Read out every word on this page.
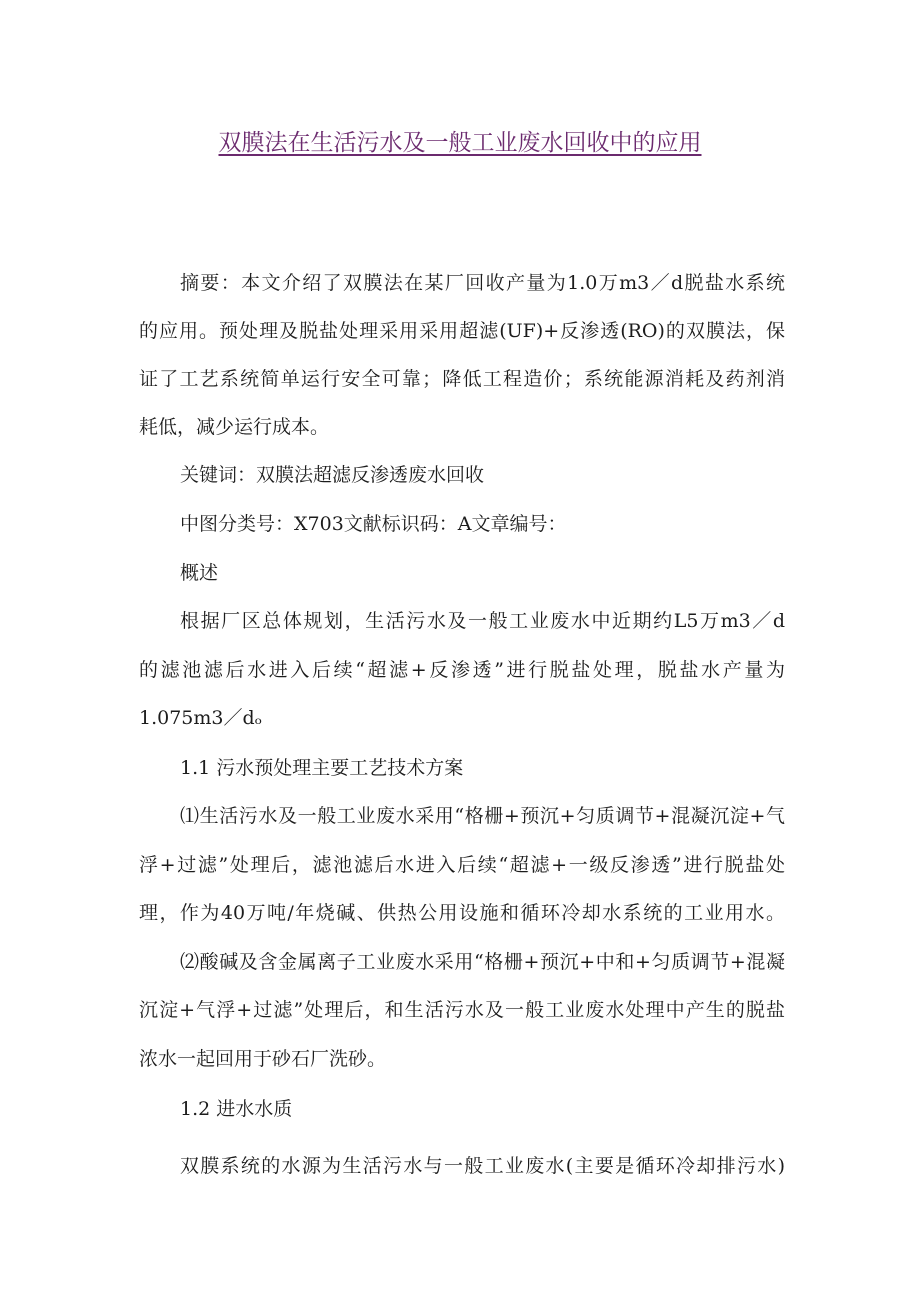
双膜法在生活污水及一般工业废水回收中的应用
摘要：本文介绍了双膜法在某厂回收产量为1.0万m3／d脱盐水系统
的应用。预处理及脱盐处理采用采用超滤(UF)+反渗透(RO)的双膜法，保
证了工艺系统简单运行安全可靠；降低工程造价；系统能源消耗及药剂消
耗低，减少运行成本。
关键词：双膜法超滤反渗透废水回收
中图分类号：X703文献标识码：A文章编号：
概述
根据厂区总体规划，生活污水及一般工业废水中近期约L5万m3／d
的滤池滤后水进入后续“超滤+反渗透”进行脱盐处理，脱盐水产量为
1.075m3／dₒ
1.1 污水预处理主要工艺技术方案
⑴生活污水及一般工业废水采用“格栅+预沉+匀质调节+混凝沉淀+气
浮+过滤”处理后，滤池滤后水进入后续“超滤+一级反渗透”进行脱盐处
理，作为40万吨/年烧碱、供热公用设施和循环冷却水系统的工业用水。
⑵酸碱及含金属离子工业废水采用“格栅+预沉+中和+匀质调节+混凝
沉淀+气浮+过滤”处理后，和生活污水及一般工业废水处理中产生的脱盐
浓水一起回用于砂石厂洗砂。
1.2 进水水质
双膜系统的水源为生活污水与一般工业废水(主要是循环冷却排污水)
